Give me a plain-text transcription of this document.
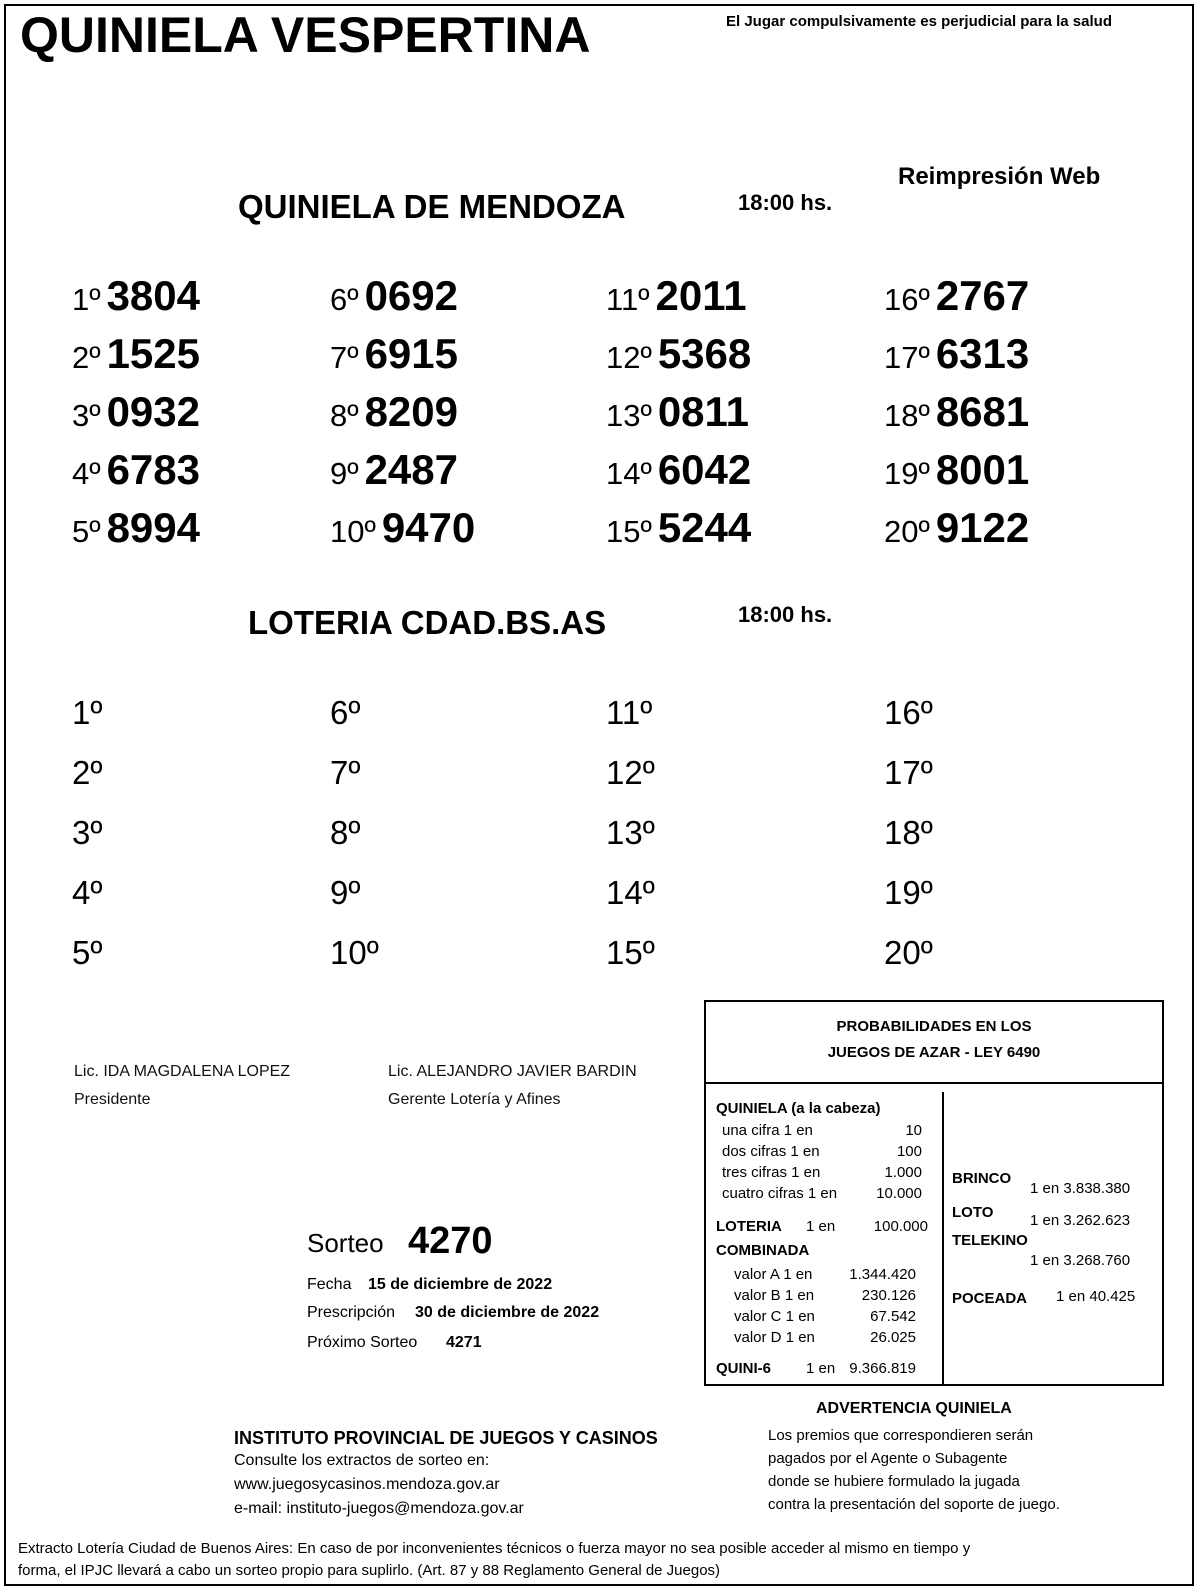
QUINIELA VESPERTINA	El Jugar compulsivamente es perjudicial para la salud
Reimpresión Web
QUINIELA DE MENDOZA	18:00 hs.
1º 3804
2º 1525
3º 0932
4º 6783
5º 8994
6º 0692
7º 6915
8º 8209
9º 2487
10º 9470
11º 2011
12º 5368
13º 0811
14º 6042
15º 5244
16º 2767
17º 6313
18º 8681
19º 8001
20º 9122
LOTERIA CDAD.BS.AS	18:00 hs.
1º
2º
3º
4º
5º
6º
7º
8º
9º
10º
11º
12º
13º
14º
15º
16º
17º
18º
19º
20º
Lic. IDA MAGDALENA LOPEZ
Presidente
Lic. ALEJANDRO JAVIER BARDIN
Gerente Lotería y Afines
Sorteo 4270
Fecha 15 de diciembre de 2022
Prescripción 30 de diciembre de 2022
Próximo Sorteo 4271
PROBABILIDADES EN LOS
JUEGOS DE AZAR - LEY 6490
QUINIELA (a la cabeza)
una cifra 1 en	10
dos cifras 1 en	100
tres cifras 1 en	1.000
cuatro cifras 1 en	10.000
LOTERIA 1 en	100.000
COMBINADA
valor A 1 en 1.344.420
valor B 1 en	230.126
valor C 1 en	67.542
valor D 1 en	26.025
QUINI-6 1 en 9.366.819
BRINCO
1 en 3.838.380
LOTO 1 en 3.262.623
TELEKINO
1 en 3.268.760
POCEADA 1 en 40.425
ADVERTENCIA QUINIELA
Los premios que correspondieren serán
pagados por el Agente o Subagente
donde se hubiere formulado la jugada
contra la presentación del soporte de juego.
INSTITUTO PROVINCIAL DE JUEGOS Y CASINOS
Consulte los extractos de sorteo en:
www.juegosycasinos.mendoza.gov.ar
e-mail: instituto-juegos@mendoza.gov.ar
Extracto Lotería Ciudad de Buenos Aires: En caso de por inconvenientes técnicos o fuerza mayor no sea posible acceder al mismo en tiempo y
forma, el IPJC llevará a cabo un sorteo propio para suplirlo. (Art. 87 y 88 Reglamento General de Juegos)
